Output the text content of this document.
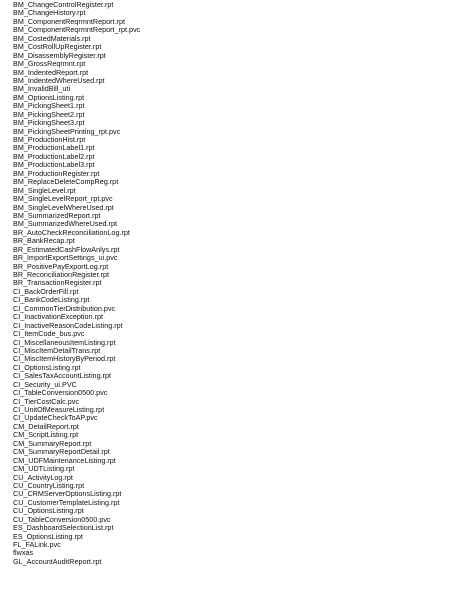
BM_ChangeControlRegister.rpt
BM_ChangeHistory.rpt
BM_ComponentReqrmntReport.rpt
BM_ComponentReqrmntReport_rpt.pvc
BM_CostedMaterials.rpt
BM_CostRollUpRegister.rpt
BM_DisassemblyRegister.rpt
BM_GrossReqrmnt.rpt
BM_IndentedReport.rpt
BM_IndentedWhereUsed.rpt
BM_InvalidBill_uti
BM_OptionsListing.rpt
BM_PickingSheet1.rpt
BM_PickingSheet2.rpt
BM_PickingSheet3.rpt
BM_PickingSheetPrinting_rpt.pvc
BM_ProductionHist.rpt
BM_ProductionLabel1.rpt
BM_ProductionLabel2.rpt
BM_ProductionLabel3.rpt
BM_ProductionRegister.rpt
BM_ReplaceDeleteCompReg.rpt
BM_SingleLevel.rpt
BM_SingleLevelReport_rpt.pvc
BM_SingleLevelWhereUsed.rpt
BM_SummarizedReport.rpt
BM_SummarizedWhereUsed.rpt
BR_AutoCheckReconciliationLog.rpt
BR_BankRecap.rpt
BR_EstimatedCashFlowAnlys.rpt
BR_ImportExportSettings_ui.pvc
BR_PositivePayExportLog.rpt
BR_ReconciliationRegister.rpt
BR_TransactionRegister.rpt
CI_BackOrderFill.rpt
CI_BankCodeListing.rpt
CI_CommonTierDistribution.pvc
CI_InactivationException.rpt
CI_InactiveReasonCodeListing.rpt
CI_ItemCode_bus.pvc
CI_MiscellaneousItemListing.rpt
CI_MiscItemDetailTrans.rpt
CI_MiscItemHistoryByPeriod.rpt
CI_OptionsListing.rpt
CI_SalesTaxAccountListing.rpt
CI_Security_ui.PVC
CI_TableConversion0500.pvc
CI_TierCostCalc.pvc
CI_UnitOfMeasureListing.rpt
CI_UpdateCheckToAP.pvc
CM_DetailReport.rpt
CM_ScriptListing.rpt
CM_SummaryReport.rpt
CM_SummaryReportDetail.rpt
CM_UDFMaintenanceListing.rpt
CM_UDTListing.rpt
CU_ActivityLog.rpt
CU_CountryListing.rpt
CU_CRMServerOptionsListing.rpt
CU_CustomerTemplateListing.rpt
CU_OptionsListing.rpt
CU_TableConversion0500.pvc
ES_DashboardSelectionList.rpt
ES_OptionsListing.rpt
FL_FALink.pvc
flwxas
GL_AccountAuditReport.rpt
